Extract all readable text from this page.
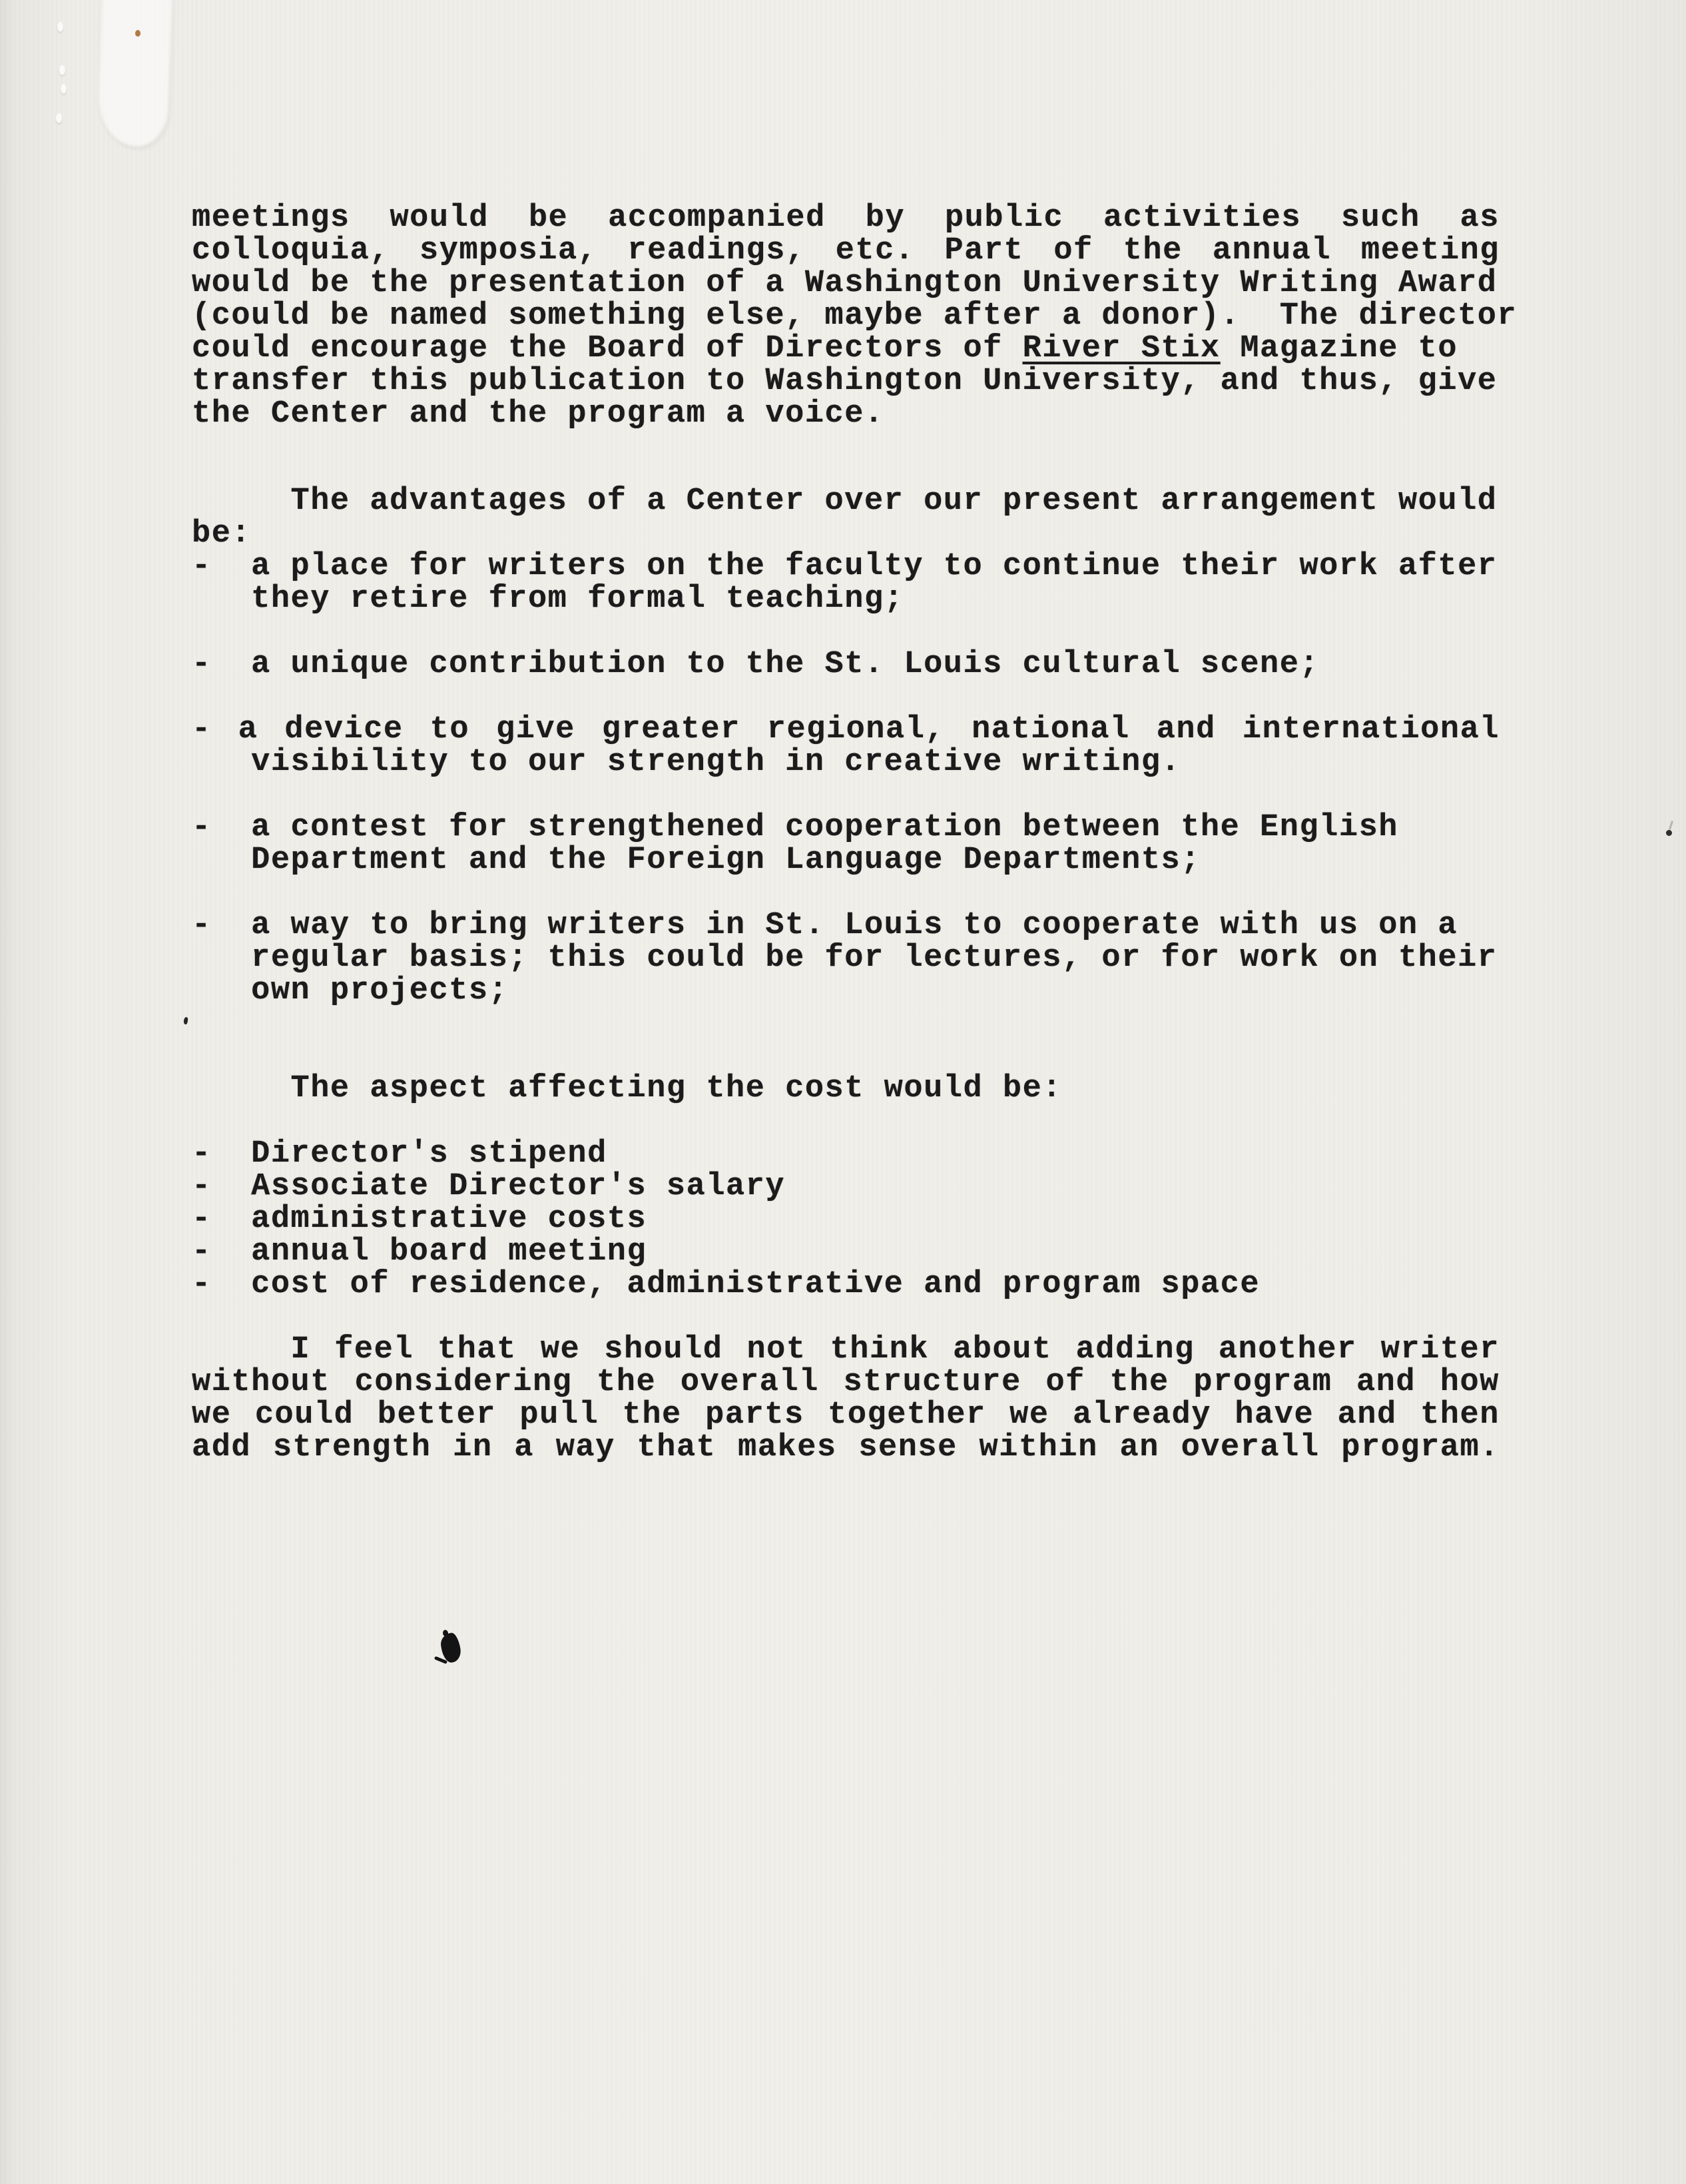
meetings would be accompanied by public activities such as
colloquia, symposia, readings, etc. Part of the annual meeting
would be the presentation of a Washington University Writing Award
(could be named something else, maybe after a donor).  The director
could encourage the Board of Directors of River Stix Magazine to
transfer this publication to Washington University, and thus, give
the Center and the program a voice.
The advantages of a Center over our present arrangement would
be:
-  a place for writers on the faculty to continue their work after
they retire from formal teaching;
-  a unique contribution to the St. Louis cultural scene;
- a device to give greater regional, national and international
visibility to our strength in creative writing.
-  a contest for strengthened cooperation between the English
Department and the Foreign Language Departments;
-  a way to bring writers in St. Louis to cooperate with us on a
regular basis; this could be for lectures, or for work on their
own projects;
The aspect affecting the cost would be:
-  Director's stipend
-  Associate Director's salary
-  administrative costs
-  annual board meeting
-  cost of residence, administrative and program space
I feel that we should not think about adding another writer
without considering the overall structure of the program and how
we could better pull the parts together we already have and then
add strength in a way that makes sense within an overall program.
